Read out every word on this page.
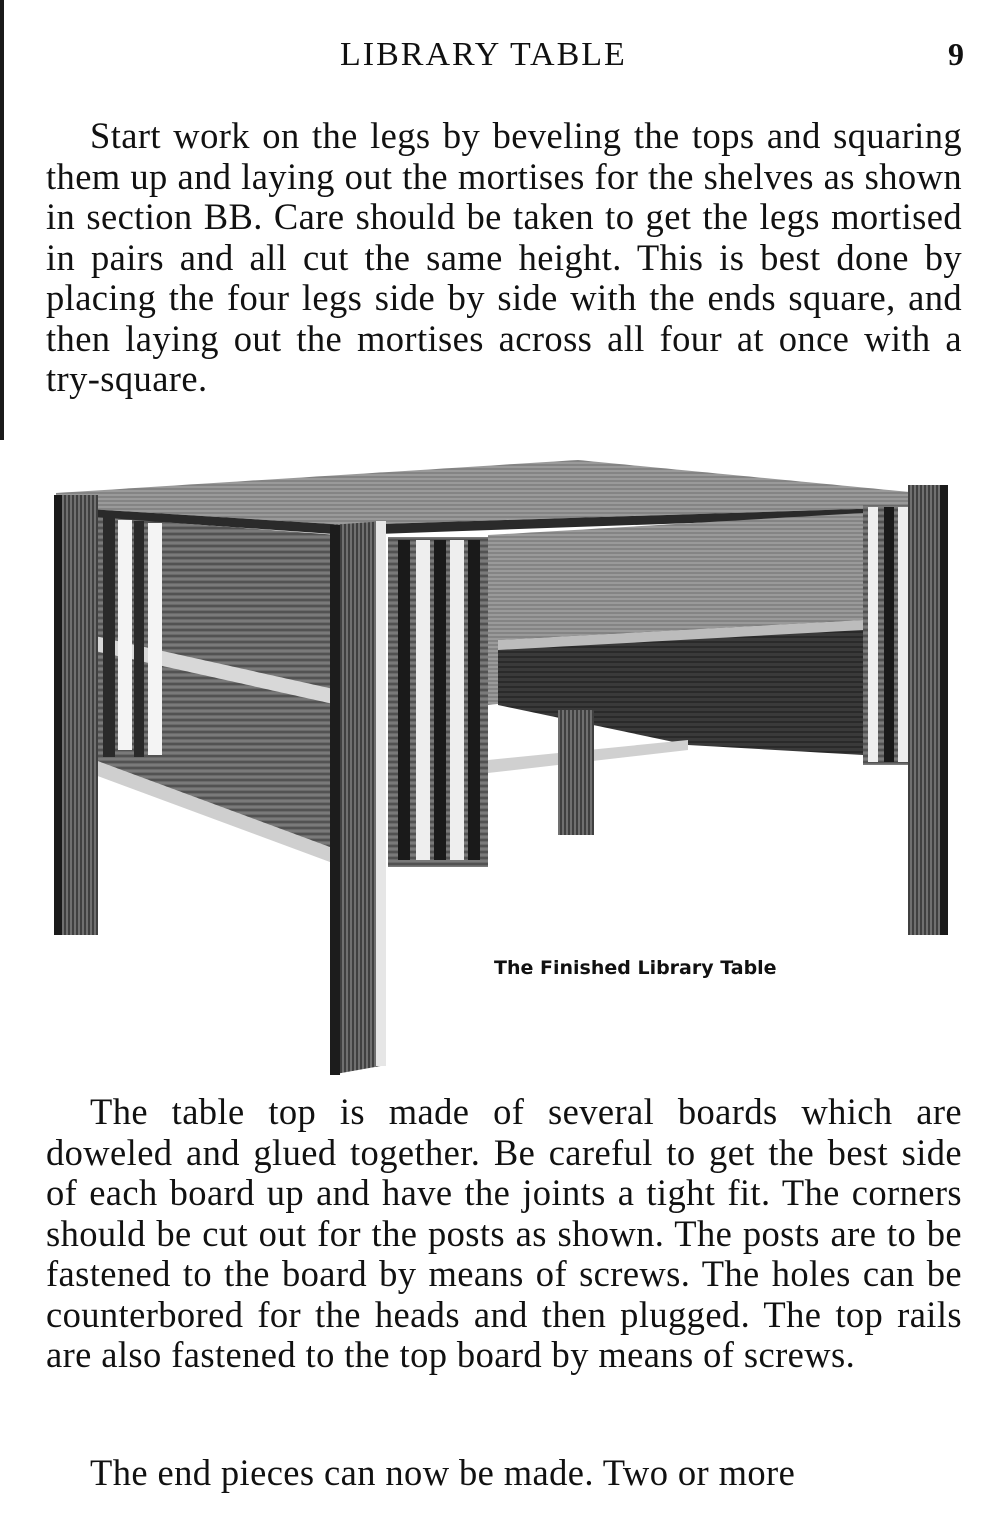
LIBRARY TABLE	9

Start work on the legs by beveling the tops and squaring them up and laying out the mortises for the shelves as shown in section BB. Care should be taken to get the legs mortised in pairs and all cut the same height. This is best done by placing the four legs side by side with the ends square, and then laying out the mortises across all four at once with a try-square.

The Finished Library Table

The table top is made of several boards which are doweled and glued together. Be careful to get the best side of each board up and have the joints a tight fit. The corners should be cut out for the posts as shown. The posts are to be fastened to the board by means of screws. The holes can be counterbored for the heads and then plugged. The top rails are also fastened to the top board by means of screws.

The end pieces can now be made. Two or more
